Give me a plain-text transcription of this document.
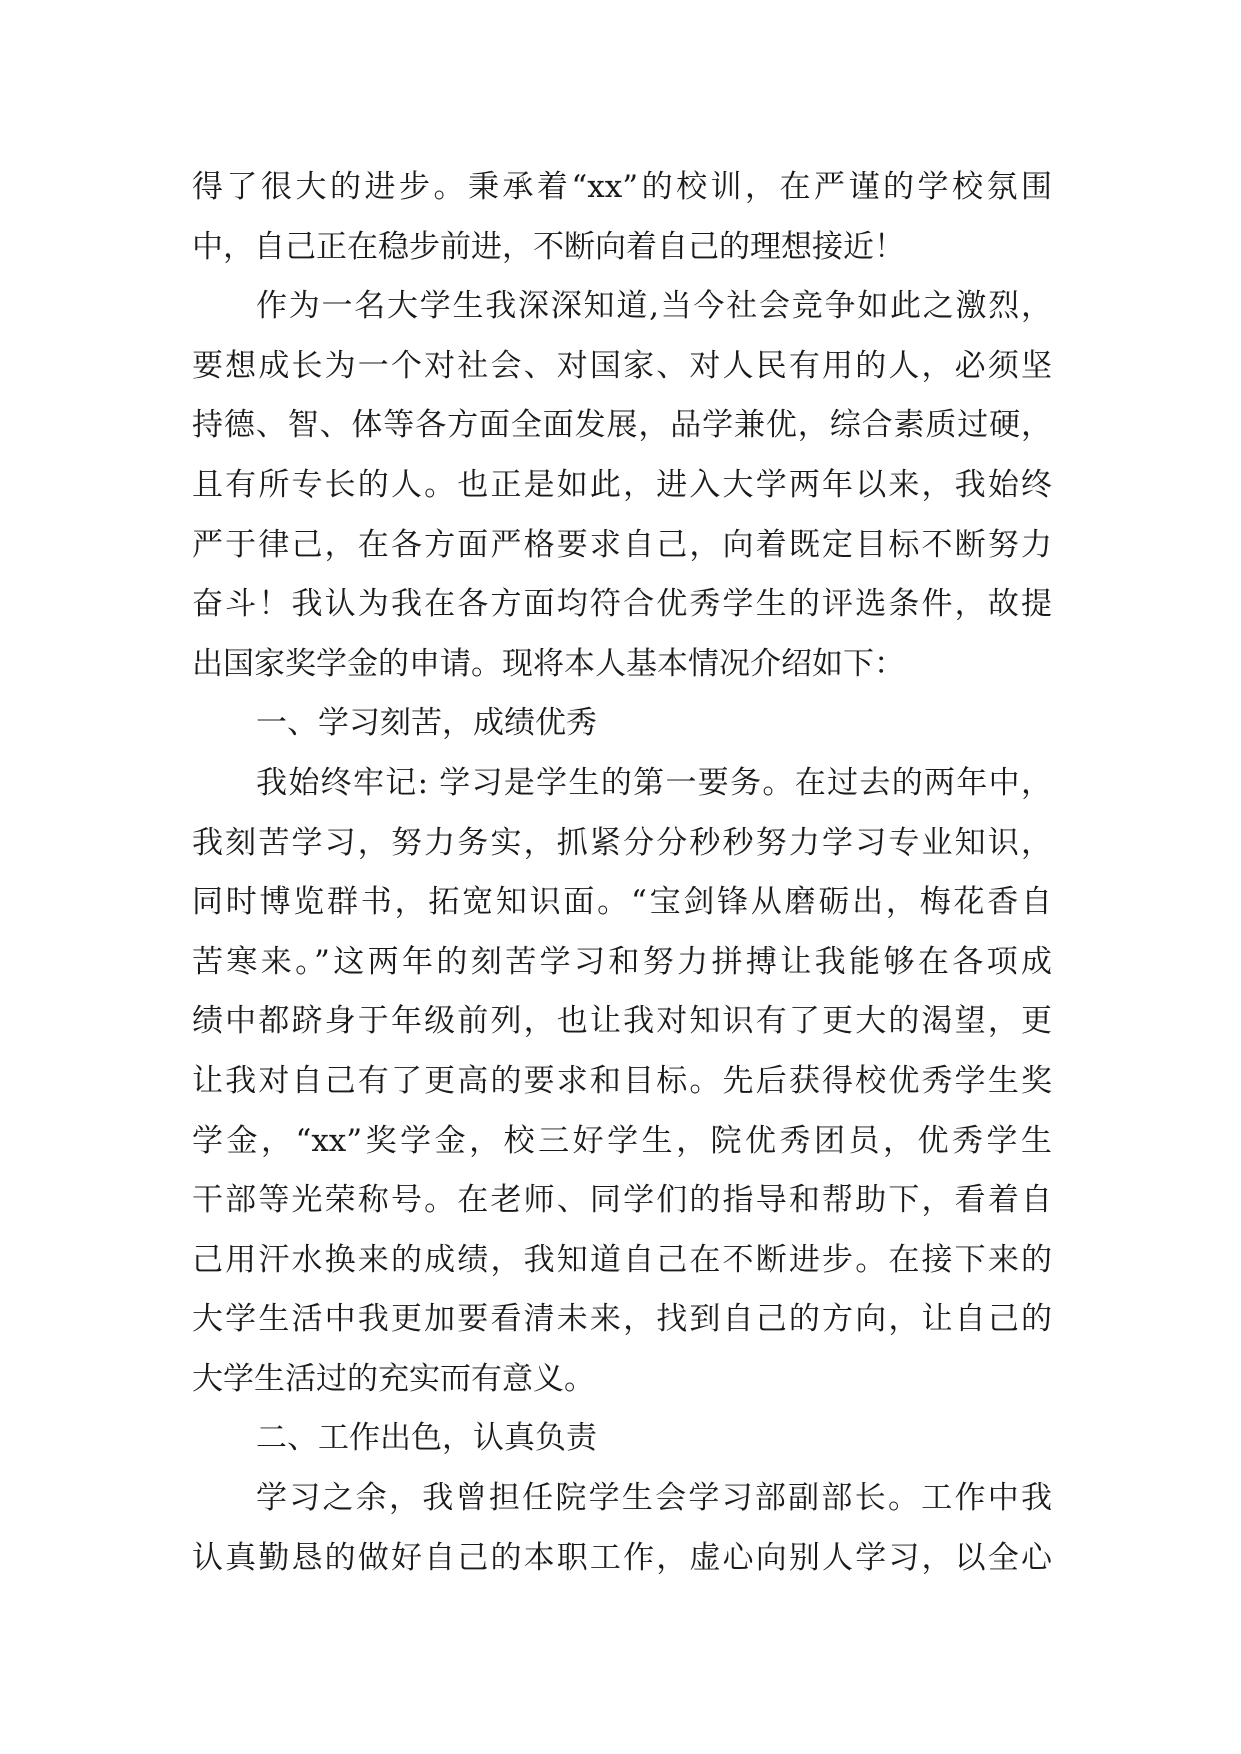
得了很大的进步。秉承着“xx”的校训，在严谨的学校氛围
中，自己正在稳步前进，不断向着自己的理想接近！
作为一名大学生我深深知道,当今社会竞争如此之激烈，
要想成长为一个对社会、对国家、对人民有用的人，必须坚
持德、智、体等各方面全面发展，品学兼优，综合素质过硬，
且有所专长的人。也正是如此，进入大学两年以来，我始终
严于律己，在各方面严格要求自己，向着既定目标不断努力
奋斗！我认为我在各方面均符合优秀学生的评选条件，故提
出国家奖学金的申请。现将本人基本情况介绍如下：
一、学习刻苦，成绩优秀
我始终牢记: 学习是学生的第一要务。在过去的两年中，
我刻苦学习，努力务实，抓紧分分秒秒努力学习专业知识，
同时博览群书，拓宽知识面。“宝剑锋从磨砺出，梅花香自
苦寒来。”这两年的刻苦学习和努力拼搏让我能够在各项成
绩中都跻身于年级前列，也让我对知识有了更大的渴望，更
让我对自己有了更高的要求和目标。先后获得校优秀学生奖
学金，“xx”奖学金，校三好学生，院优秀团员，优秀学生
干部等光荣称号。在老师、同学们的指导和帮助下，看着自
己用汗水换来的成绩，我知道自己在不断进步。在接下来的
大学生活中我更加要看清未来，找到自己的方向，让自己的
大学生活过的充实而有意义。
二、工作出色，认真负责
学习之余，我曾担任院学生会学习部副部长。工作中我
认真勤恳的做好自己的本职工作，虚心向别人学习，以全心
